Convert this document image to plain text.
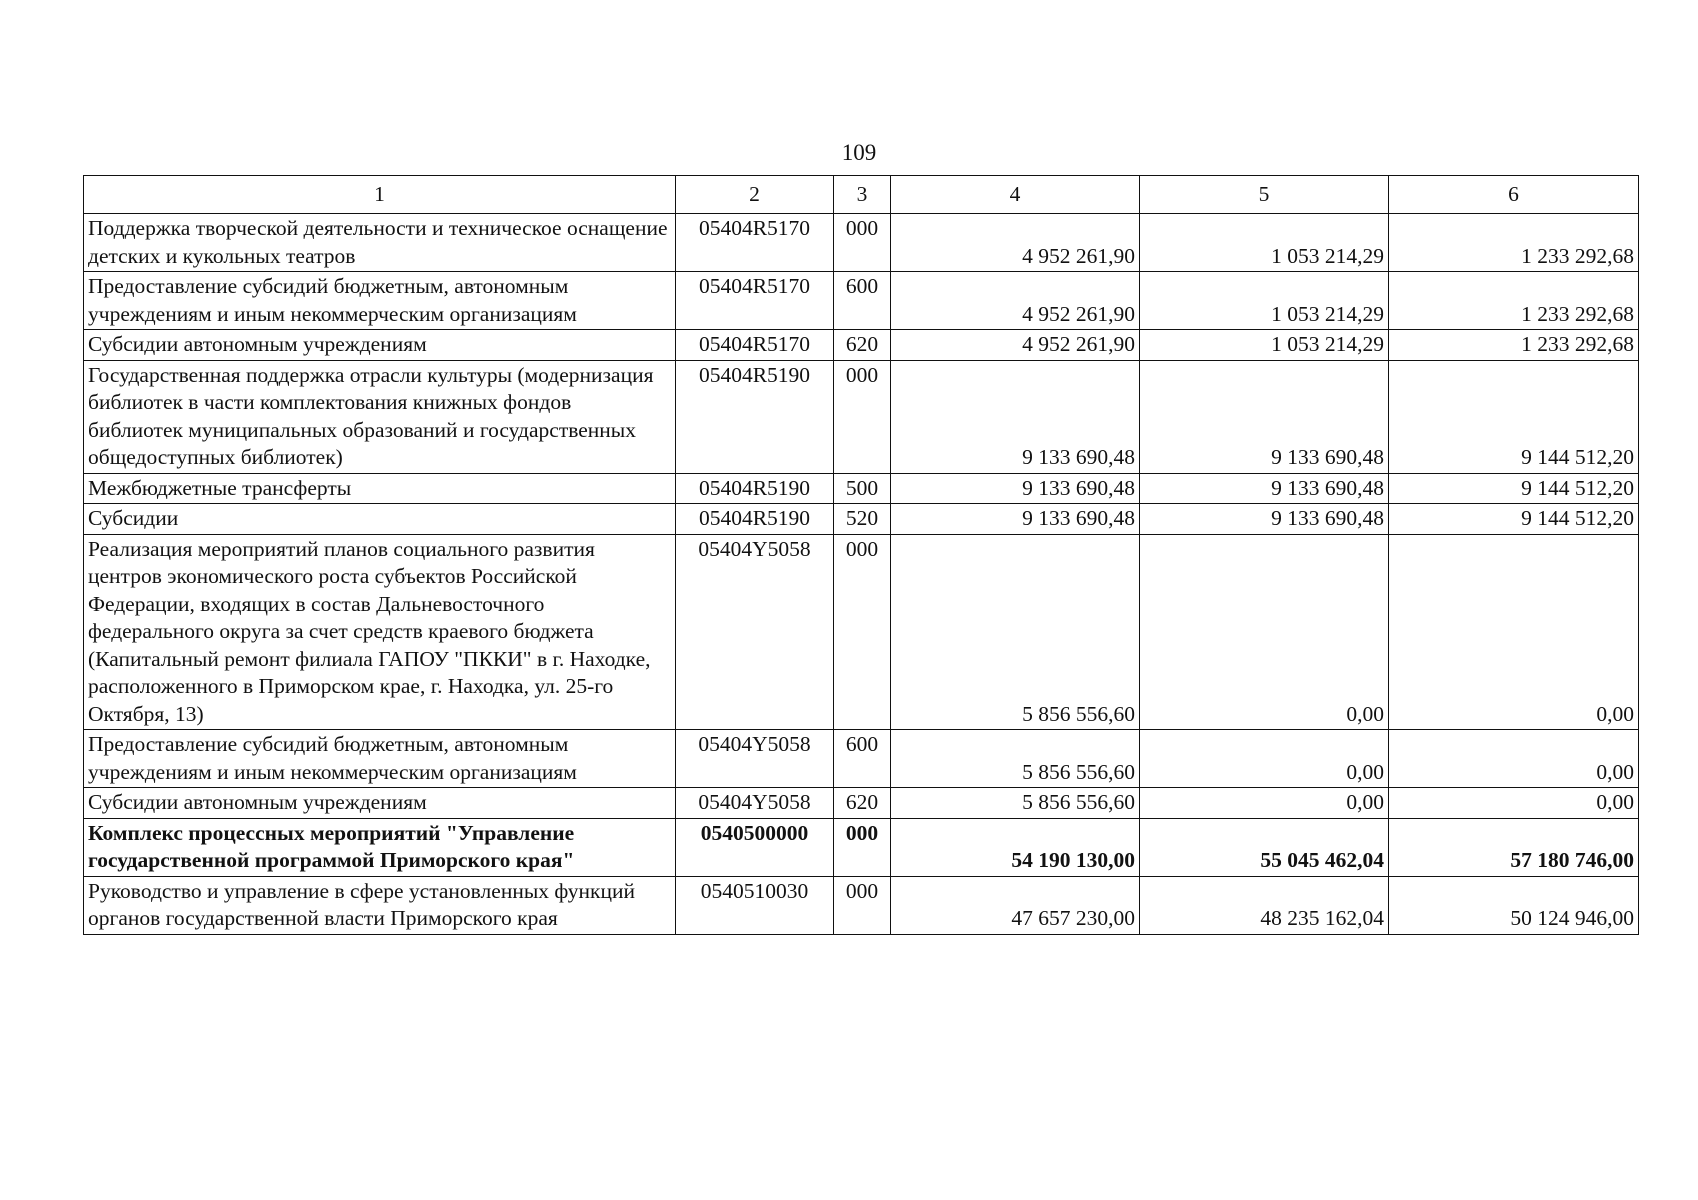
109
1	2	3	4	5	6
Поддержка творческой деятельности и техническое оснащение детских и кукольных театров	05404R5170	000	4 952 261,90	1 053 214,29	1 233 292,68
Предоставление субсидий бюджетным, автономным учреждениям и иным некоммерческим организациям	05404R5170	600	4 952 261,90	1 053 214,29	1 233 292,68
Субсидии автономным учреждениям	05404R5170	620	4 952 261,90	1 053 214,29	1 233 292,68
Государственная поддержка отрасли культуры (модернизация библиотек в части комплектования книжных фондов библиотек муниципальных образований и государственных общедоступных библиотек)	05404R5190	000	9 133 690,48	9 133 690,48	9 144 512,20
Межбюджетные трансферты	05404R5190	500	9 133 690,48	9 133 690,48	9 144 512,20
Субсидии	05404R5190	520	9 133 690,48	9 133 690,48	9 144 512,20
Реализация мероприятий планов социального развития центров экономического роста субъектов Российской Федерации, входящих в состав Дальневосточного федерального округа за счет средств краевого бюджета (Капитальный ремонт филиала ГАПОУ "ПККИ" в г. Находке, расположенного в Приморском крае, г. Находка, ул. 25-го Октября, 13)	05404Y5058	000	5 856 556,60	0,00	0,00
Предоставление субсидий бюджетным, автономным учреждениям и иным некоммерческим организациям	05404Y5058	600	5 856 556,60	0,00	0,00
Субсидии автономным учреждениям	05404Y5058	620	5 856 556,60	0,00	0,00
Комплекс процессных мероприятий "Управление государственной программой Приморского края"	0540500000	000	54 190 130,00	55 045 462,04	57 180 746,00
Руководство и управление в сфере установленных функций органов государственной власти Приморского края	0540510030	000	47 657 230,00	48 235 162,04	50 124 946,00
